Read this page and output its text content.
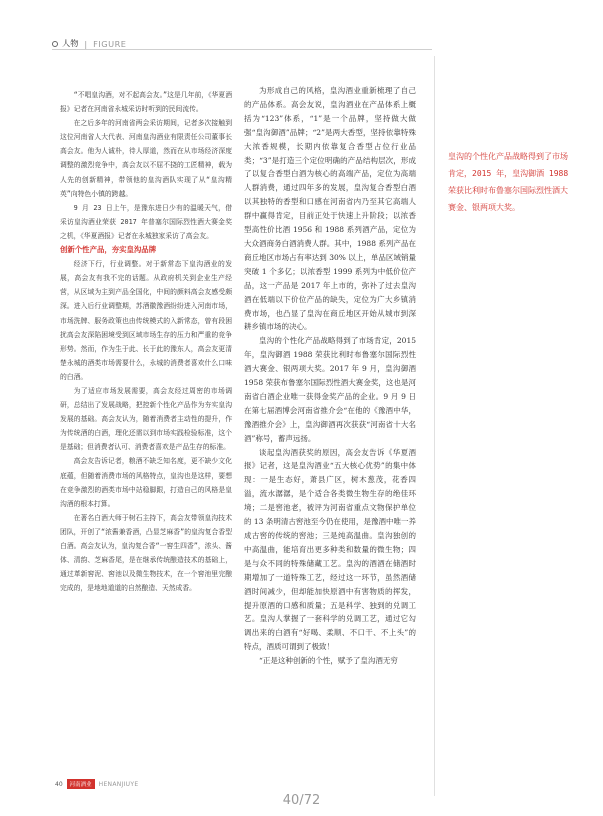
人物 | FIGURE

“不唱皇沟酒，对不起高会友。”这是几年前，《华夏酒报》记者在河南省永城采访时听到的民间流传。

在之后多年的河南省两会采访期间，记者多次接触到这位河南省人大代表、河南皇沟酒业有限责任公司董事长高会友。他为人诚朴，待人厚道，然而在从市场经济深度调整的激烈竞争中，高会友以不屈不挠的工匠精神，载为人先的创新精神，带领他的皇沟酒队实现了从“皇沟精英”向特色小镇的跨越。

9 月 23 日上午，是豫东进日少有的温暖天气，借采访皇沟酒业荣获 2017 年普塞尔国际烈性酒大赛金奖之机，《华夏酒报》记者在永城独家采访了高会友。

创新个性产品，夯实皇沟品牌

经济下行，行业调整。对于新常态下皇沟酒业的发展，高会友有我不完的话题。从政府机关到企业生产经营，从区域为主到产品全国化，中间的颜料高会友感受颇深。进入后行业调整期，苏酒徽豫酒纷纷进入河南市场，市场洗牌、服务政策也由传统模式的入新常态，曾有段困扰高会友深陷困境受到区域市场生存的压力和严重的竞争形势。然而，作为生于此、长于此的豫东人，高会友更清楚永城的酒类市场需要什么，永城的消费者喜欢什么口味的白酒。

为了适应市场发展需要，高会友经过周密的市场调研，总结出了发展战略，把控新个性化产品作为夯实皇沟发展的基础。高会友认为，随着消费者主动性的提升，作为传统酒的白酒，理化还需以到市场实践检验标准，这个是基础；但消费者认可、消费者喜欢是产品生存的标准。

高会友告诉记者，粮酒不缺乏知名度，更不缺少文化底蕴，但随着消费市场的风格特点，皇沟也是这样，要想在竞争激烈的酒类市场中站稳脚跟，打造自己的风格是皇沟酒的根本打算。

在著名白酒大师于树石主持下，高会友带领皇沟技术团队，开创了“浓酱兼香酒，凸显芝麻香”的皇沟复合香型白酒。高会友认为，皇沟复合香“一窖生四香”，浓头、酱体、清韵、芝麻香尾，是在继承传统酿造技术的基础上，通过革新窖泥、窖池以及微生物技术，在一个窖池里完酿完成的，是地地道道的自然酿造、天然成香。

为形成自己的风格，皇沟酒业重新梳理了自己的产品体系。高会友说，皇沟酒业在产品体系上概括为“123”体系，“1”是一个品牌，坚持做大做强“皇沟御酒”品牌；“2”是两大香型，坚持依靠特殊大浓香规模，长期内依靠复合香型占位行业品类；“3”是打造三个定位明确的产品结构层次，形成了以复合香型白酒为核心的高端产品，定位为高端人群消费，通过四年多的发展，皇沟复合香型白酒以其独特的香型和口感在河南省内乃至其它高端人群中赢得肯定，目前正处于快速上升阶段；以浓香型高性价比酒 1956 和 1988 系列酒产品，定位为大众酒商务白酒消费人群。其中，1988 系列产品在商丘地区市场占有率达到 30% 以上，单品区域销量突破 1 个多亿；以浓香型 1999 系列为中低价位产品，这一产品是 2017 年上市的，弥补了过去皇沟酒在低端以下价位产品的缺失，定位为广大乡镇消费市场，也凸显了皇沟在商丘地区开始从城市到深耕乡镇市场的决心。

皇沟的个性化产品战略得到了市场肯定，2015 年，皇沟御酒 1988 荣获比利时布鲁塞尔国际烈性酒大赛金、银两项大奖。2017 年 9 月，皇沟御酒 1958 荣获布鲁塞尔国际烈性酒大赛金奖，这也是河南省白酒企业唯一获得金奖产品的企业。9 月 9 日在第七届酒博会河南省推介会“在他的《豫酒中华，豫酒推介会》上，皇沟御酒再次获获“河南省十大名酒”称号，蓄声远扬。

谈起皇沟酒获奖的原因，高会友告诉《华夏酒报》记者，这是皇沟酒业“五大核心优势”的集中体现：一是生态好，萧县广区，树木葱茂，花香四溢，流水潺潺，是个适合各类微生物生存的绝佳环境；二是窖池老，被评为河南省重点文物保护单位的 13 条明清古窖池至今仍在使用，是豫酒中唯一养成古窖的传统的窖池；三是纯高温曲。皇沟独创的中高温曲，能培育出更多种类和数量的微生物；四是与众不同的特殊储藏工艺。皇沟的酒酒在储酒时期增加了一道特殊工艺，经过这一环节，虽然酒储酒时间减少，但却能加快原酒中有害物质的挥发，提升原酒的口感和质量；五是科学、独到的兑调工艺。皇沟人掌握了一套科学的兑调工艺，通过它勾调出来的白酒有“好喝、柔顺、不口干、不上头”的特点，酒质可谓到了极致！

“正是这种创新的个性，赋予了皇沟酒无穷

皇沟的个性化产品战略得到了市场肯定，2015 年，皇沟御酒 1988 荣获比利时布鲁塞尔国际烈性酒大赛金、银两项大奖。

40	河南酒业	HENANJIUYE
40/72
